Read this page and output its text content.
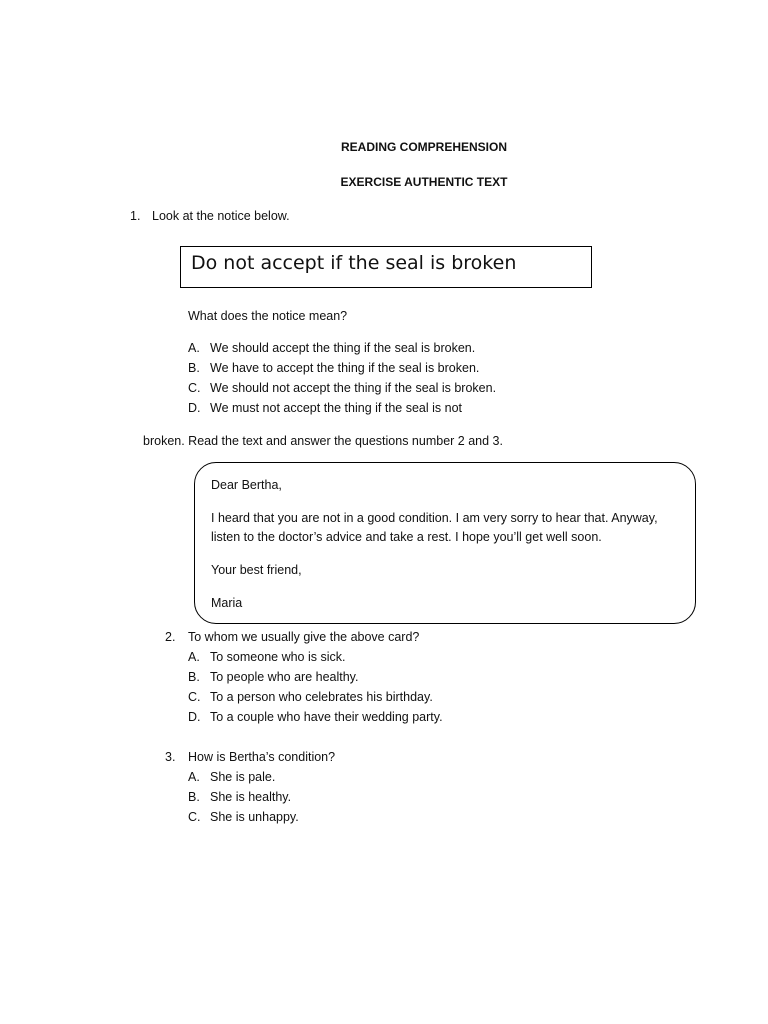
READING COMPREHENSION
EXERCISE AUTHENTIC TEXT
1. Look at the notice below.
Do not accept if the seal is broken
What does the notice mean?
A. We should accept the thing if the seal is broken.
B. We have to accept the thing if the seal is broken.
C. We should not accept the thing if the seal is broken.
D. We must not accept the thing if the seal is not
broken. Read the text and answer the questions number 2 and 3.
Dear Bertha,
I heard that you are not in a good condition. I am very sorry to hear that. Anyway,
listen to the doctor’s advice and take a rest. I hope you’ll get well soon.
Your best friend,
Maria
2. To whom we usually give the above card?
A. To someone who is sick.
B. To people who are healthy.
C. To a person who celebrates his birthday.
D. To a couple who have their wedding party.
3. How is Bertha’s condition?
A. She is pale.
B. She is healthy.
C. She is unhappy.
